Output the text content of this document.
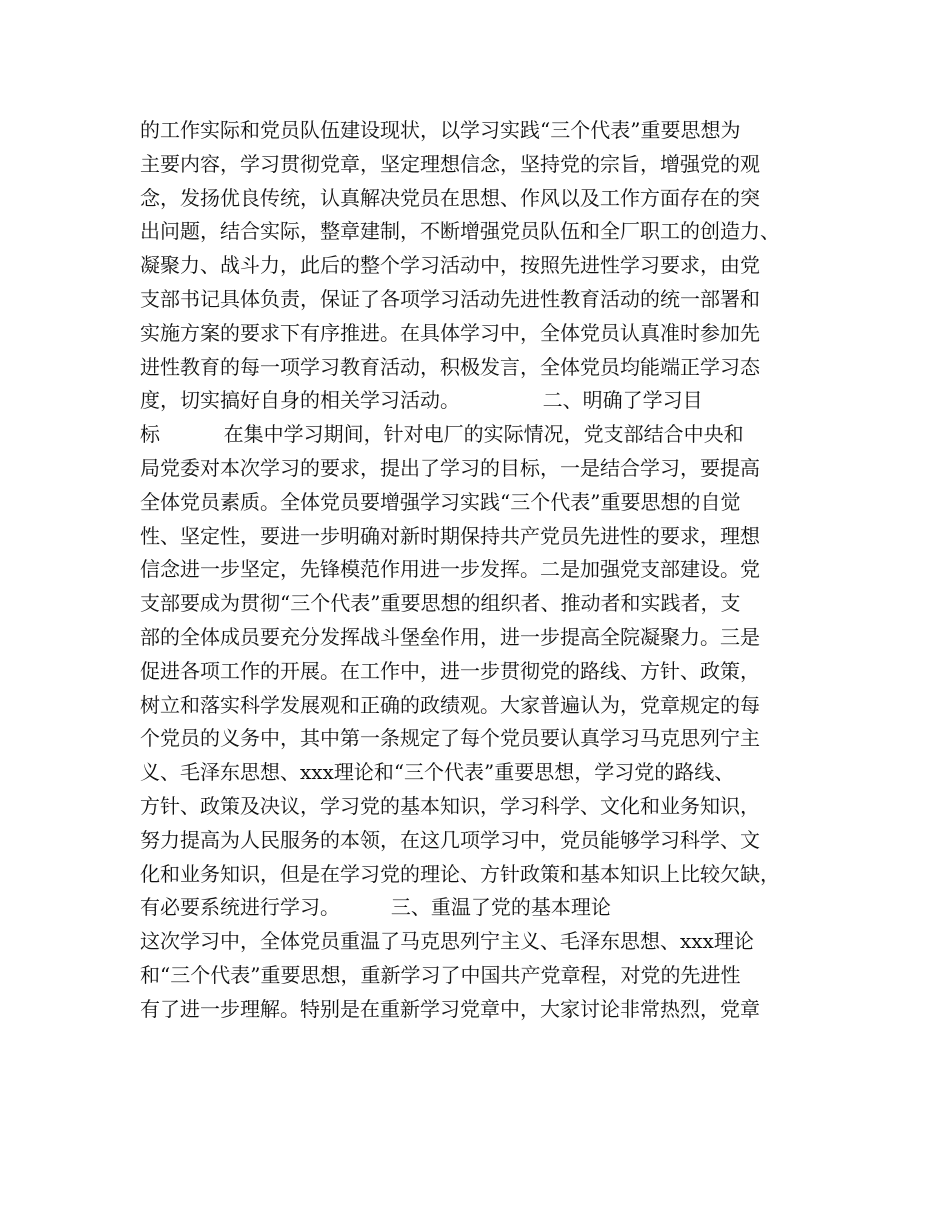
的工作实际和党员队伍建设现状，以学习实践“三个代表”重要思想为
主要内容，学习贯彻党章，坚定理想信念，坚持党的宗旨，增强党的观
念，发扬优良传统，认真解决党员在思想、作风以及工作方面存在的突
出问题，结合实际，整章建制，不断增强党员队伍和全厂职工的创造力、
凝聚力、战斗力，此后的整个学习活动中，按照先进性学习要求，由党
支部书记具体负责，保证了各项学习活动先进性教育活动的统一部署和
实施方案的要求下有序推进。在具体学习中，全体党员认真准时参加先
进性教育的每一项学习教育活动，积极发言，全体党员均能端正学习态
度，切实搞好自身的相关学习活动。             二、明确了学习目
标          在集中学习期间，针对电厂的实际情况，党支部结合中央和
局党委对本次学习的要求，提出了学习的目标，一是结合学习，要提高
全体党员素质。全体党员要增强学习实践“三个代表”重要思想的自觉
性、坚定性，要进一步明确对新时期保持共产党员先进性的要求，理想
信念进一步坚定，先锋模范作用进一步发挥。二是加强党支部建设。党
支部要成为贯彻“三个代表”重要思想的组织者、推动者和实践者，支
部的全体成员要充分发挥战斗堡垒作用，进一步提高全院凝聚力。三是
促进各项工作的开展。在工作中，进一步贯彻党的路线、方针、政策，
树立和落实科学发展观和正确的政绩观。大家普遍认为，党章规定的每
个党员的义务中，其中第一条规定了每个党员要认真学习马克思列宁主
义、毛泽东思想、xxx理论和“三个代表”重要思想，学习党的路线、
方针、政策及决议，学习党的基本知识，学习科学、文化和业务知识，
努力提高为人民服务的本领，在这几项学习中，党员能够学习科学、文
化和业务知识，但是在学习党的理论、方针政策和基本知识上比较欠缺，
有必要系统进行学习。        三、重温了党的基本理论
这次学习中，全体党员重温了马克思列宁主义、毛泽东思想、xxx理论
和“三个代表”重要思想，重新学习了中国共产党章程，对党的先进性
有了进一步理解。特别是在重新学习党章中，大家讨论非常热烈，党章
